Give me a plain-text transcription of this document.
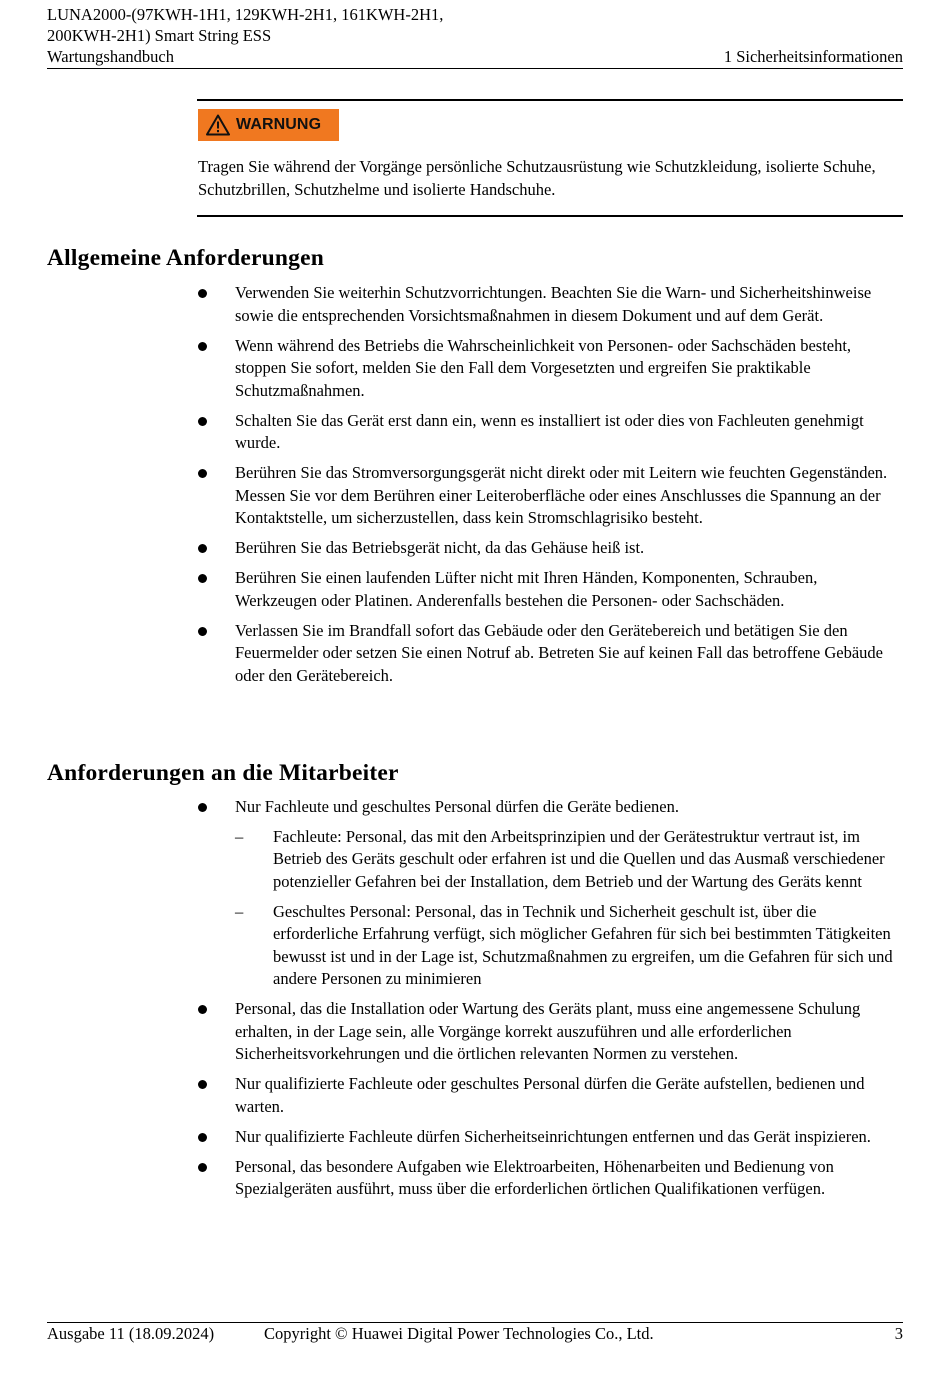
LUNA2000-(97KWH-1H1, 129KWH-2H1, 161KWH-2H1,
200KWH-2H1) Smart String ESS
Wartungshandbuch	1 Sicherheitsinformationen
WARNUNG
Tragen Sie während der Vorgänge persönliche Schutzausrüstung wie Schutzkleidung, isolierte Schuhe, Schutzbrillen, Schutzhelme und isolierte Handschuhe.
Allgemeine Anforderungen
Verwenden Sie weiterhin Schutzvorrichtungen. Beachten Sie die Warn- und Sicherheitshinweise sowie die entsprechenden Vorsichtsmaßnahmen in diesem Dokument und auf dem Gerät.
Wenn während des Betriebs die Wahrscheinlichkeit von Personen- oder Sachschäden besteht, stoppen Sie sofort, melden Sie den Fall dem Vorgesetzten und ergreifen Sie praktikable Schutzmaßnahmen.
Schalten Sie das Gerät erst dann ein, wenn es installiert ist oder dies von Fachleuten genehmigt wurde.
Berühren Sie das Stromversorgungsgerät nicht direkt oder mit Leitern wie feuchten Gegenständen. Messen Sie vor dem Berühren einer Leiteroberfläche oder eines Anschlusses die Spannung an der Kontaktstelle, um sicherzustellen, dass kein Stromschlagrisiko besteht.
Berühren Sie das Betriebsgerät nicht, da das Gehäuse heiß ist.
Berühren Sie einen laufenden Lüfter nicht mit Ihren Händen, Komponenten, Schrauben, Werkzeugen oder Platinen. Anderenfalls bestehen die Personen- oder Sachschäden.
Verlassen Sie im Brandfall sofort das Gebäude oder den Gerätebereich und betätigen Sie den Feuermelder oder setzen Sie einen Notruf ab. Betreten Sie auf keinen Fall das betroffene Gebäude oder den Gerätebereich.
Anforderungen an die Mitarbeiter
Nur Fachleute und geschultes Personal dürfen die Geräte bedienen.
– Fachleute: Personal, das mit den Arbeitsprinzipien und der Gerätestruktur vertraut ist, im Betrieb des Geräts geschult oder erfahren ist und die Quellen und das Ausmaß verschiedener potenzieller Gefahren bei der Installation, dem Betrieb und der Wartung des Geräts kennt
– Geschultes Personal: Personal, das in Technik und Sicherheit geschult ist, über die erforderliche Erfahrung verfügt, sich möglicher Gefahren für sich bei bestimmten Tätigkeiten bewusst ist und in der Lage ist, Schutzmaßnahmen zu ergreifen, um die Gefahren für sich und andere Personen zu minimieren
Personal, das die Installation oder Wartung des Geräts plant, muss eine angemessene Schulung erhalten, in der Lage sein, alle Vorgänge korrekt auszuführen und alle erforderlichen Sicherheitsvorkehrungen und die örtlichen relevanten Normen zu verstehen.
Nur qualifizierte Fachleute oder geschultes Personal dürfen die Geräte aufstellen, bedienen und warten.
Nur qualifizierte Fachleute dürfen Sicherheitseinrichtungen entfernen und das Gerät inspizieren.
Personal, das besondere Aufgaben wie Elektroarbeiten, Höhenarbeiten und Bedienung von Spezialgeräten ausführt, muss über die erforderlichen örtlichen Qualifikationen verfügen.
Ausgabe 11 (18.09.2024)	Copyright © Huawei Digital Power Technologies Co., Ltd.	3
